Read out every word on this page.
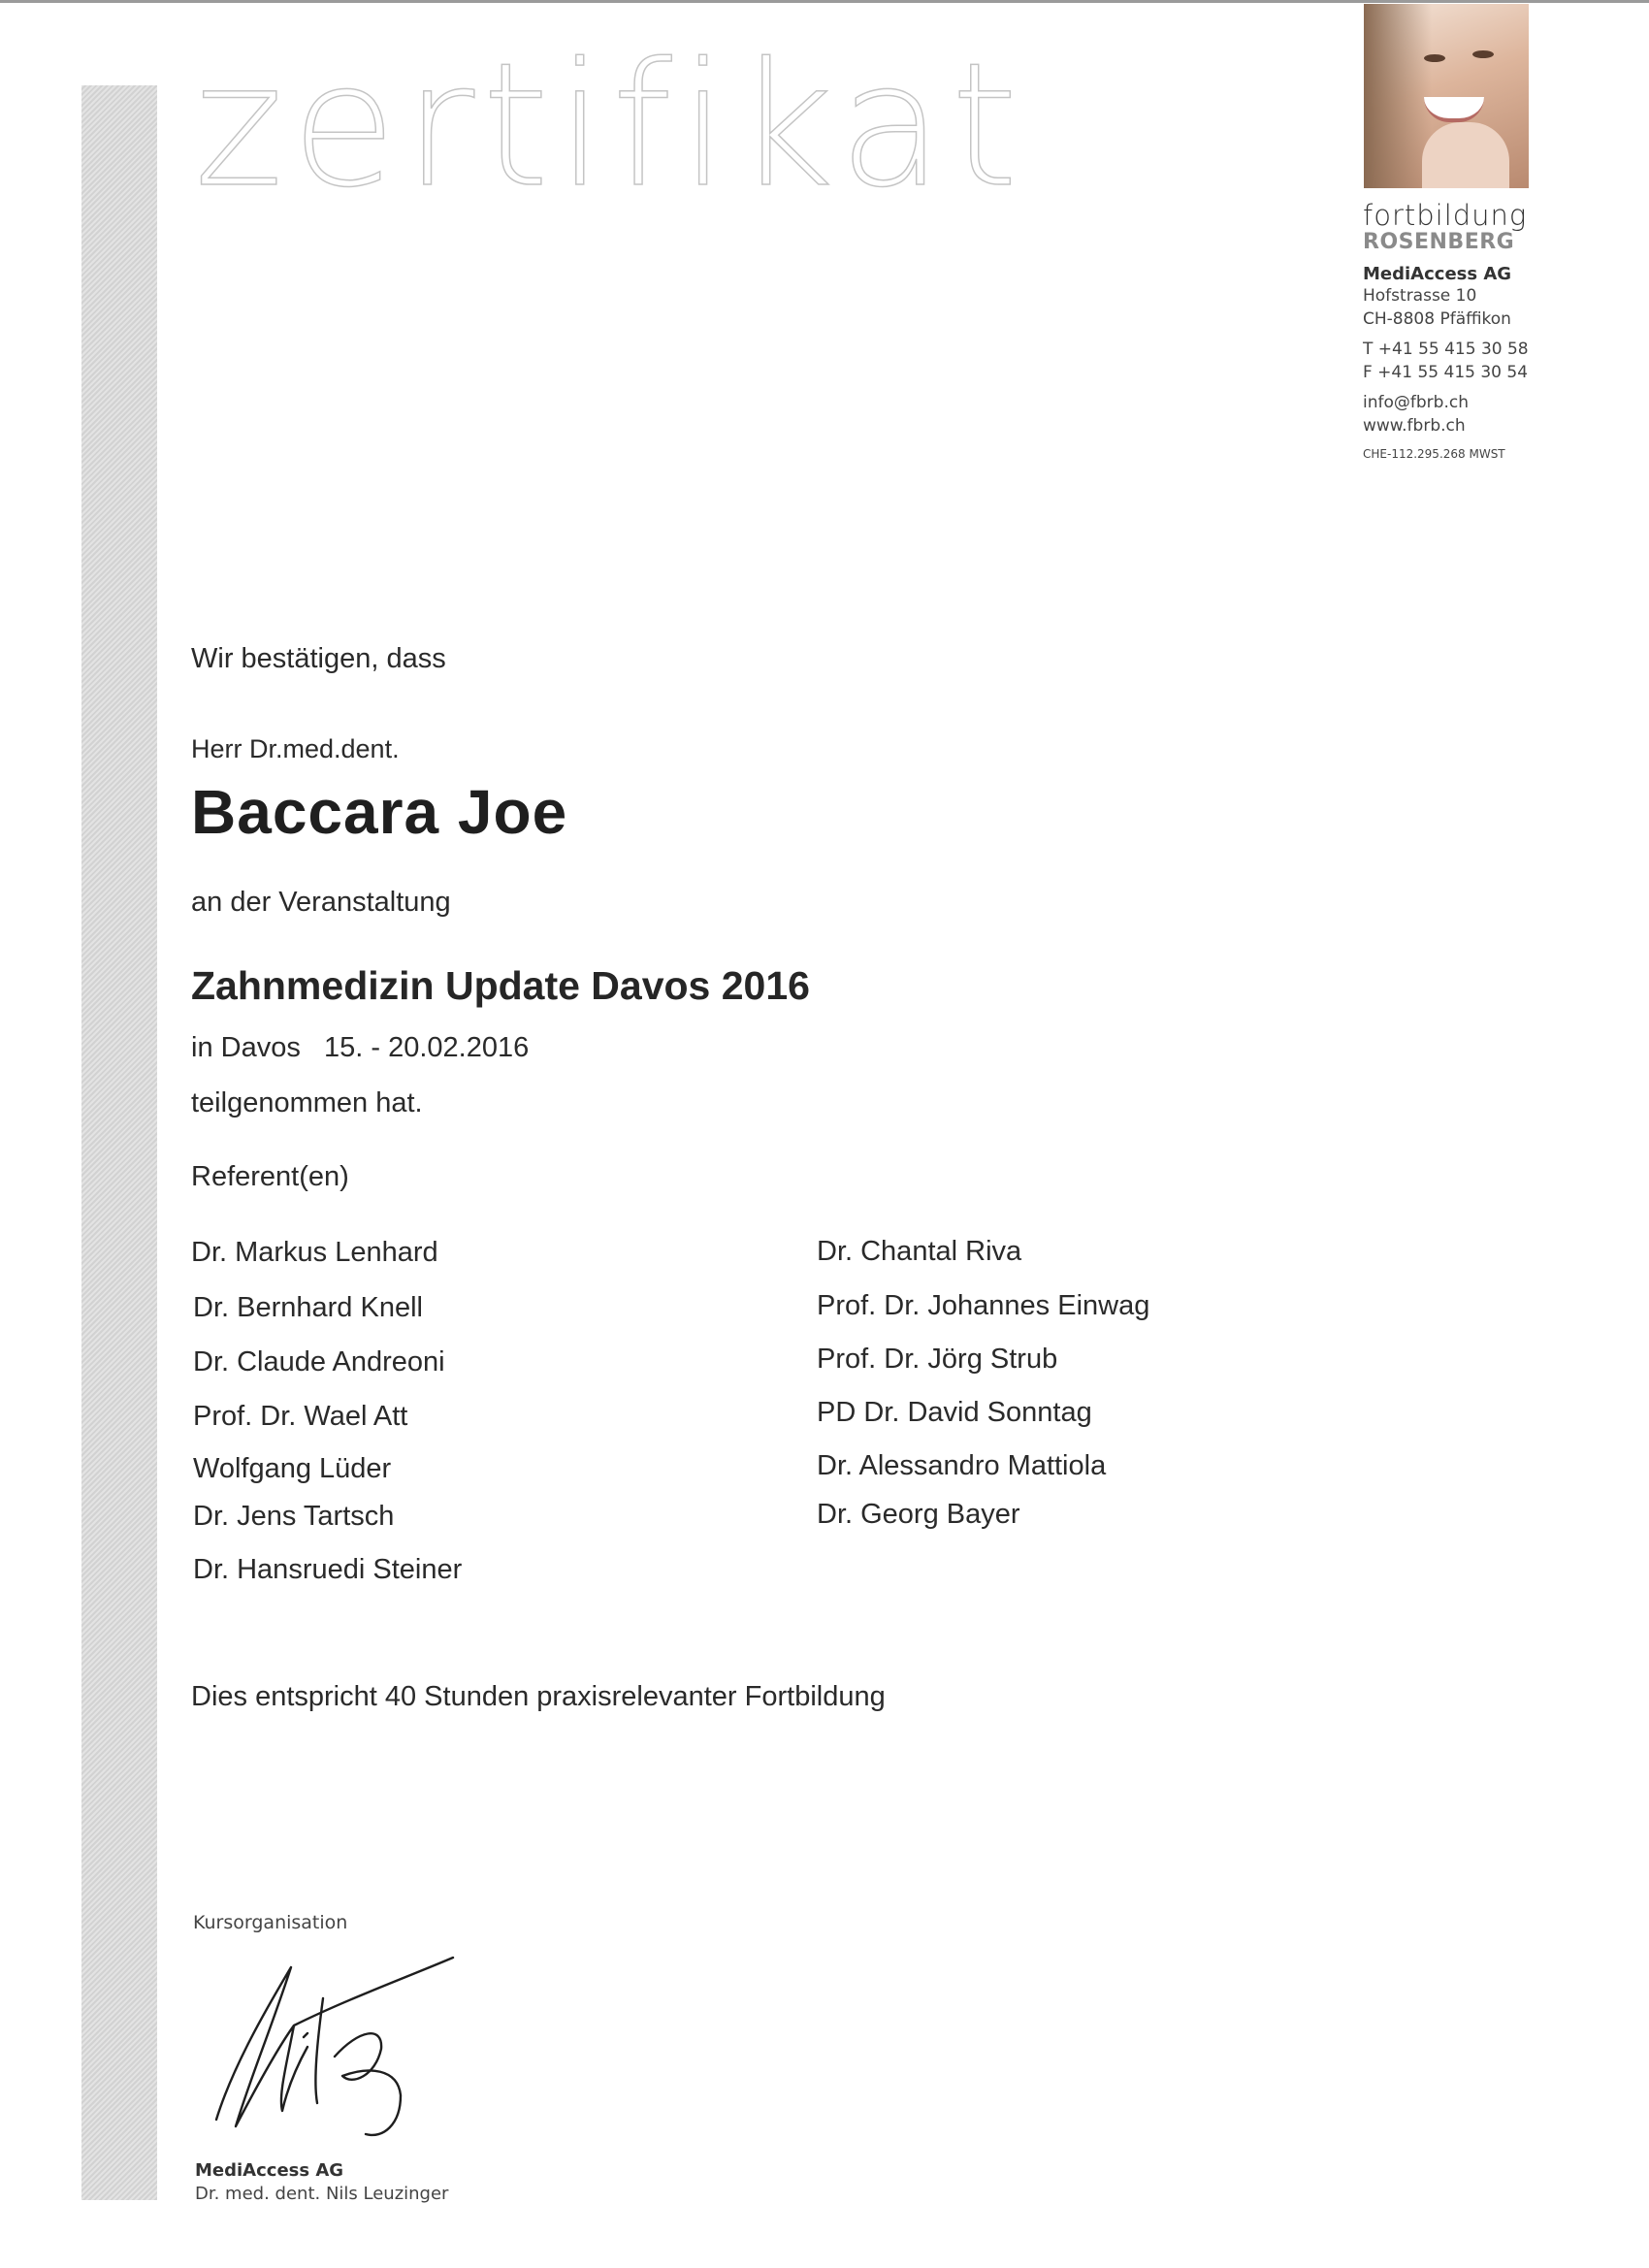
zertifikat	fortbildung
ROSENBERG
MediAccess AG
Hofstrasse 10
CH-8808 Pfäffikon
T +41 55 415 30 58
F +41 55 415 30 54
info@fbrb.ch
www.fbrb.ch
CHE-112.295.268 MWST
Wir bestätigen, dass
Herr Dr.med.dent.
Baccara Joe
an der Veranstaltung
Zahnmedizin Update Davos 2016
in Davos 15. - 20.02.2016
teilgenommen hat.
Referent(en)
Dr. Markus Lenhard
Dr. Bernhard Knell
Dr. Claude Andreoni
Prof. Dr. Wael Att
Wolfgang Lüder
Dr. Jens Tartsch
Dr. Hansruedi Steiner
Dr. Chantal Riva
Prof. Dr. Johannes Einwag
Prof. Dr. Jörg Strub
PD Dr. David Sonntag
Dr. Alessandro Mattiola
Dr. Georg Bayer
Dies entspricht 40 Stunden praxisrelevanter Fortbildung
Kursorganisation
MediAccess AG
Dr. med. dent. Nils Leuzinger
